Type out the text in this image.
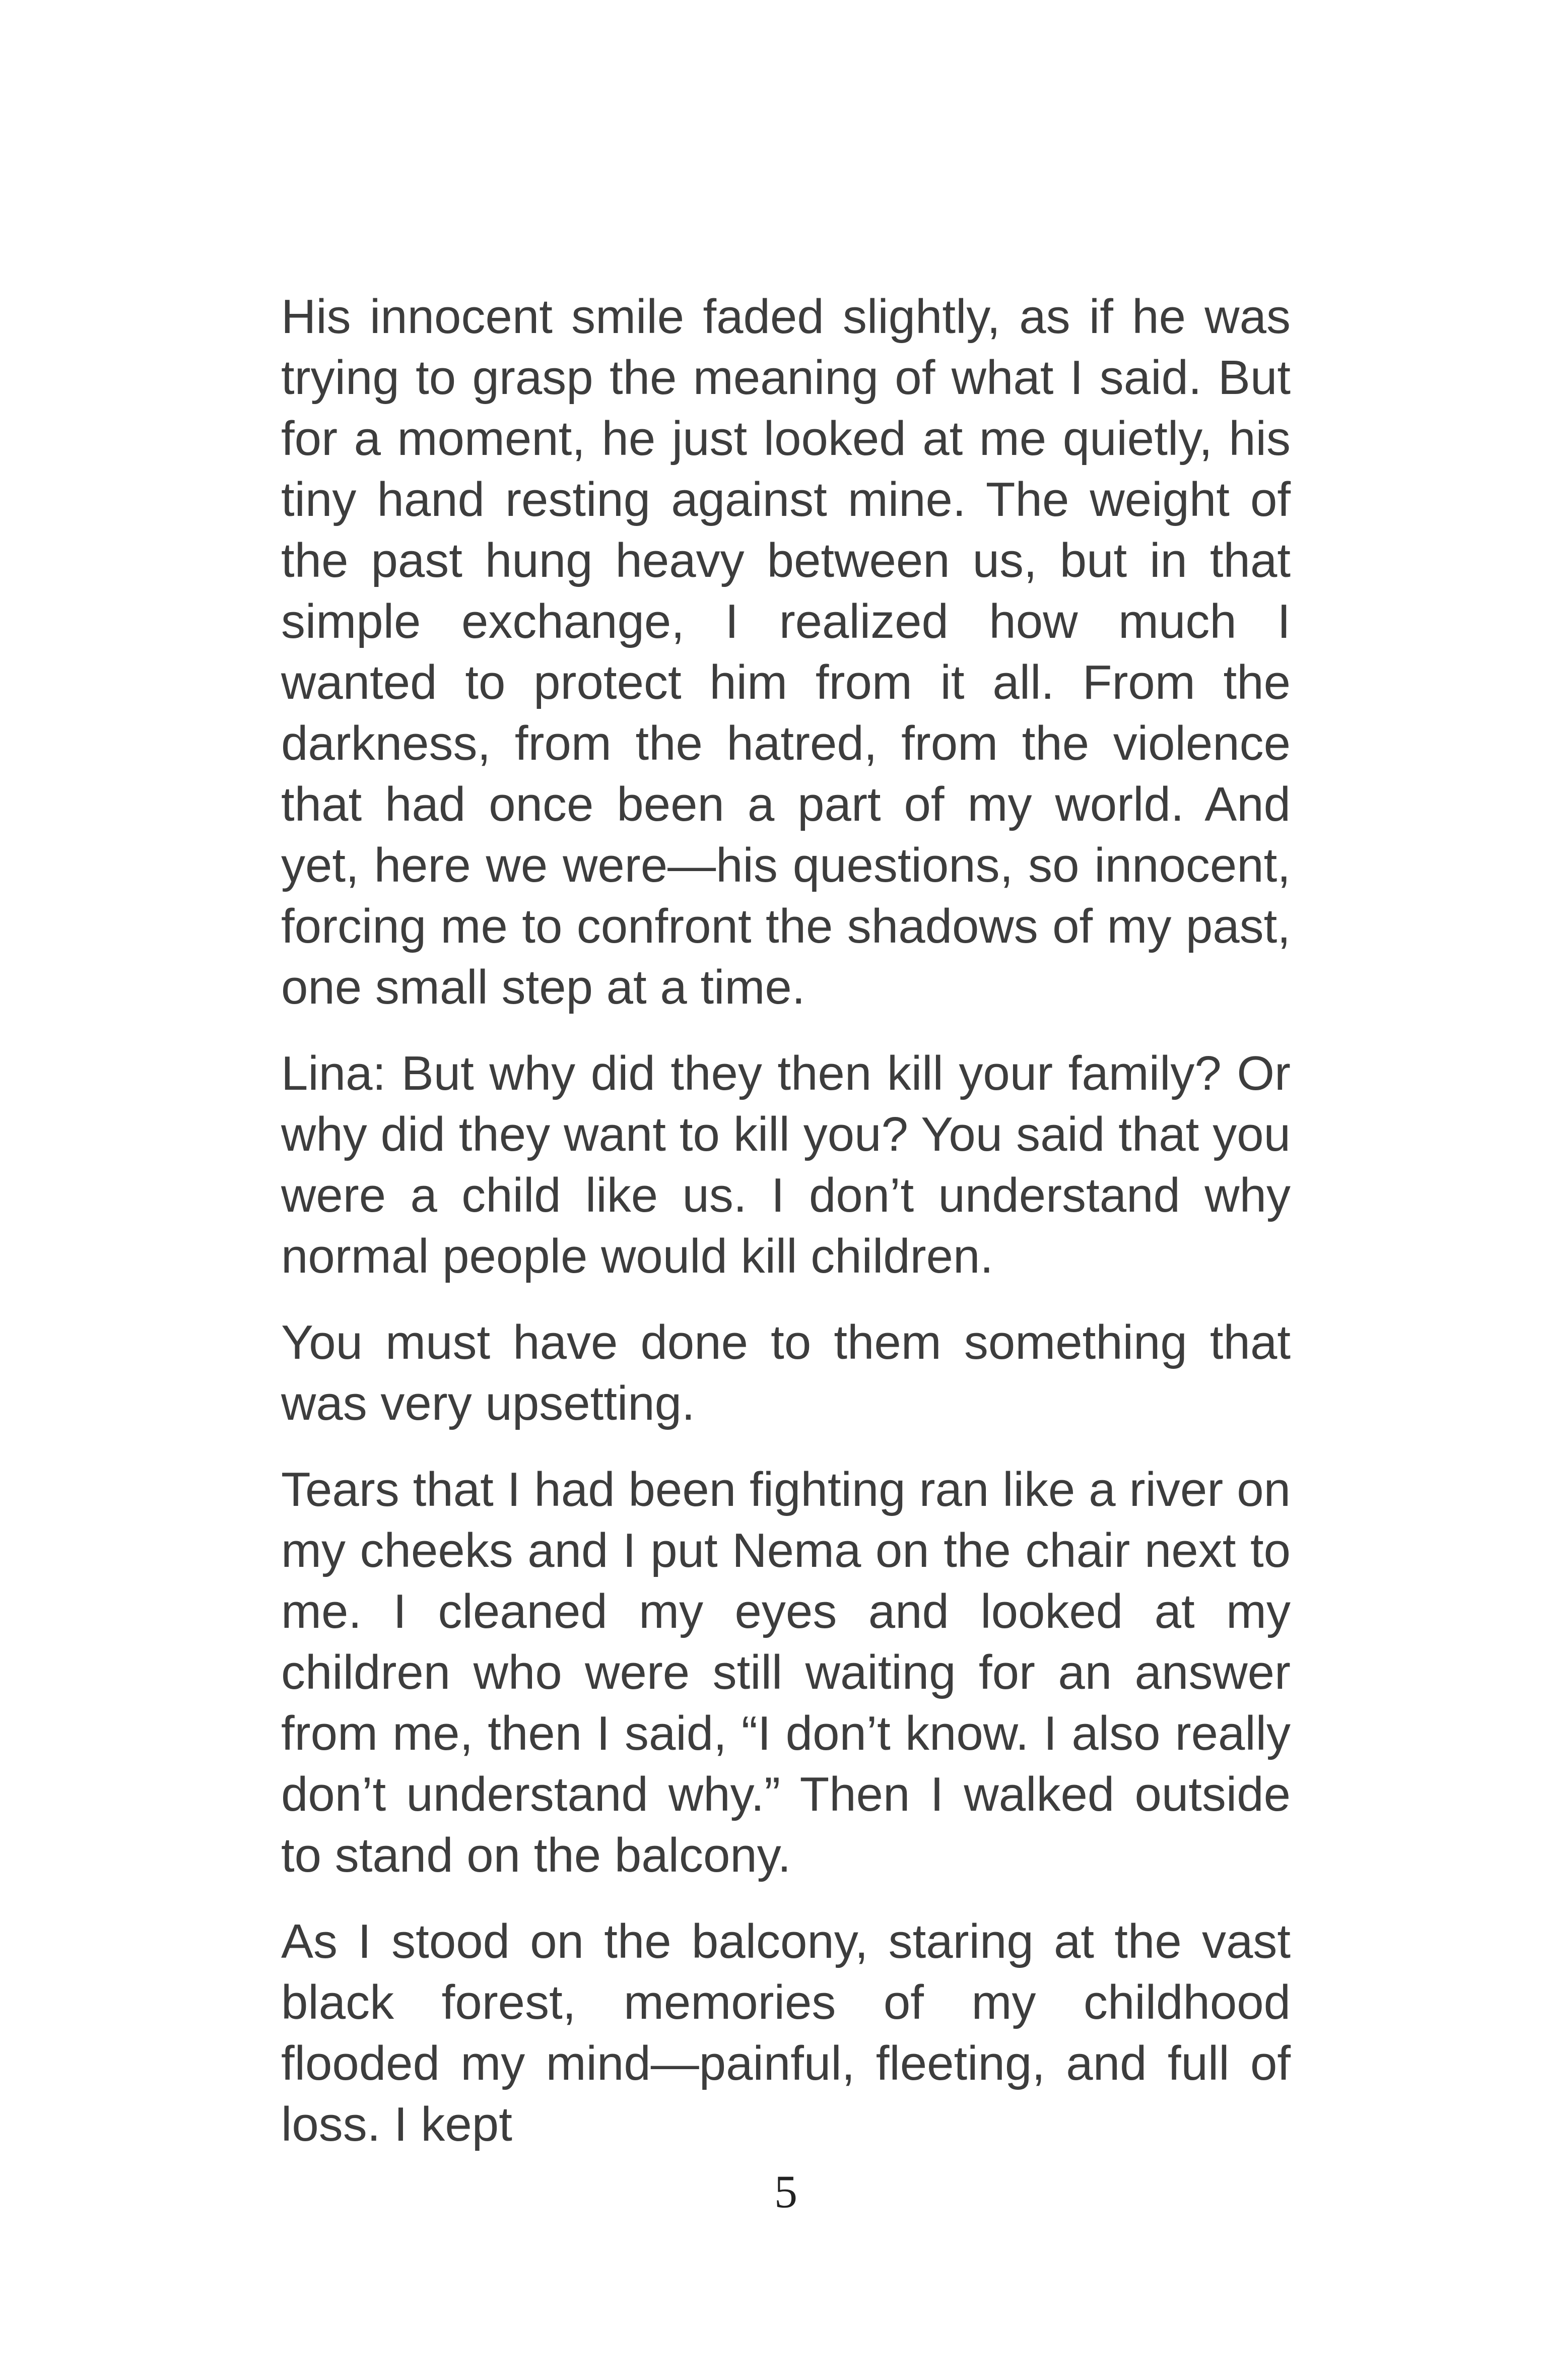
His innocent smile faded slightly, as if he was trying to grasp the meaning of what I said. But for a moment, he just looked at me quietly, his tiny hand resting against mine. The weight of the past hung heavy between us, but in that simple exchange, I realized how much I wanted to protect him from it all. From the darkness, from the hatred, from the violence that had once been a part of my world. And yet, here we were—his questions, so innocent, forcing me to confront the shadows of my past, one small step at a time.

Lina: But why did they then kill your family? Or why did they want to kill you? You said that you were a child like us. I don’t understand why normal people would kill children.

You must have done to them something that was very upsetting.

Tears that I had been fighting ran like a river on my cheeks and I put Nema on the chair next to me. I cleaned my eyes and looked at my children who were still waiting for an answer from me, then I said, “I don’t know. I also really don’t understand why.” Then I walked outside to stand on the balcony.

As I stood on the balcony, staring at the vast black forest, memories of my childhood flooded my mind—painful, fleeting, and full of loss. I kept

5
